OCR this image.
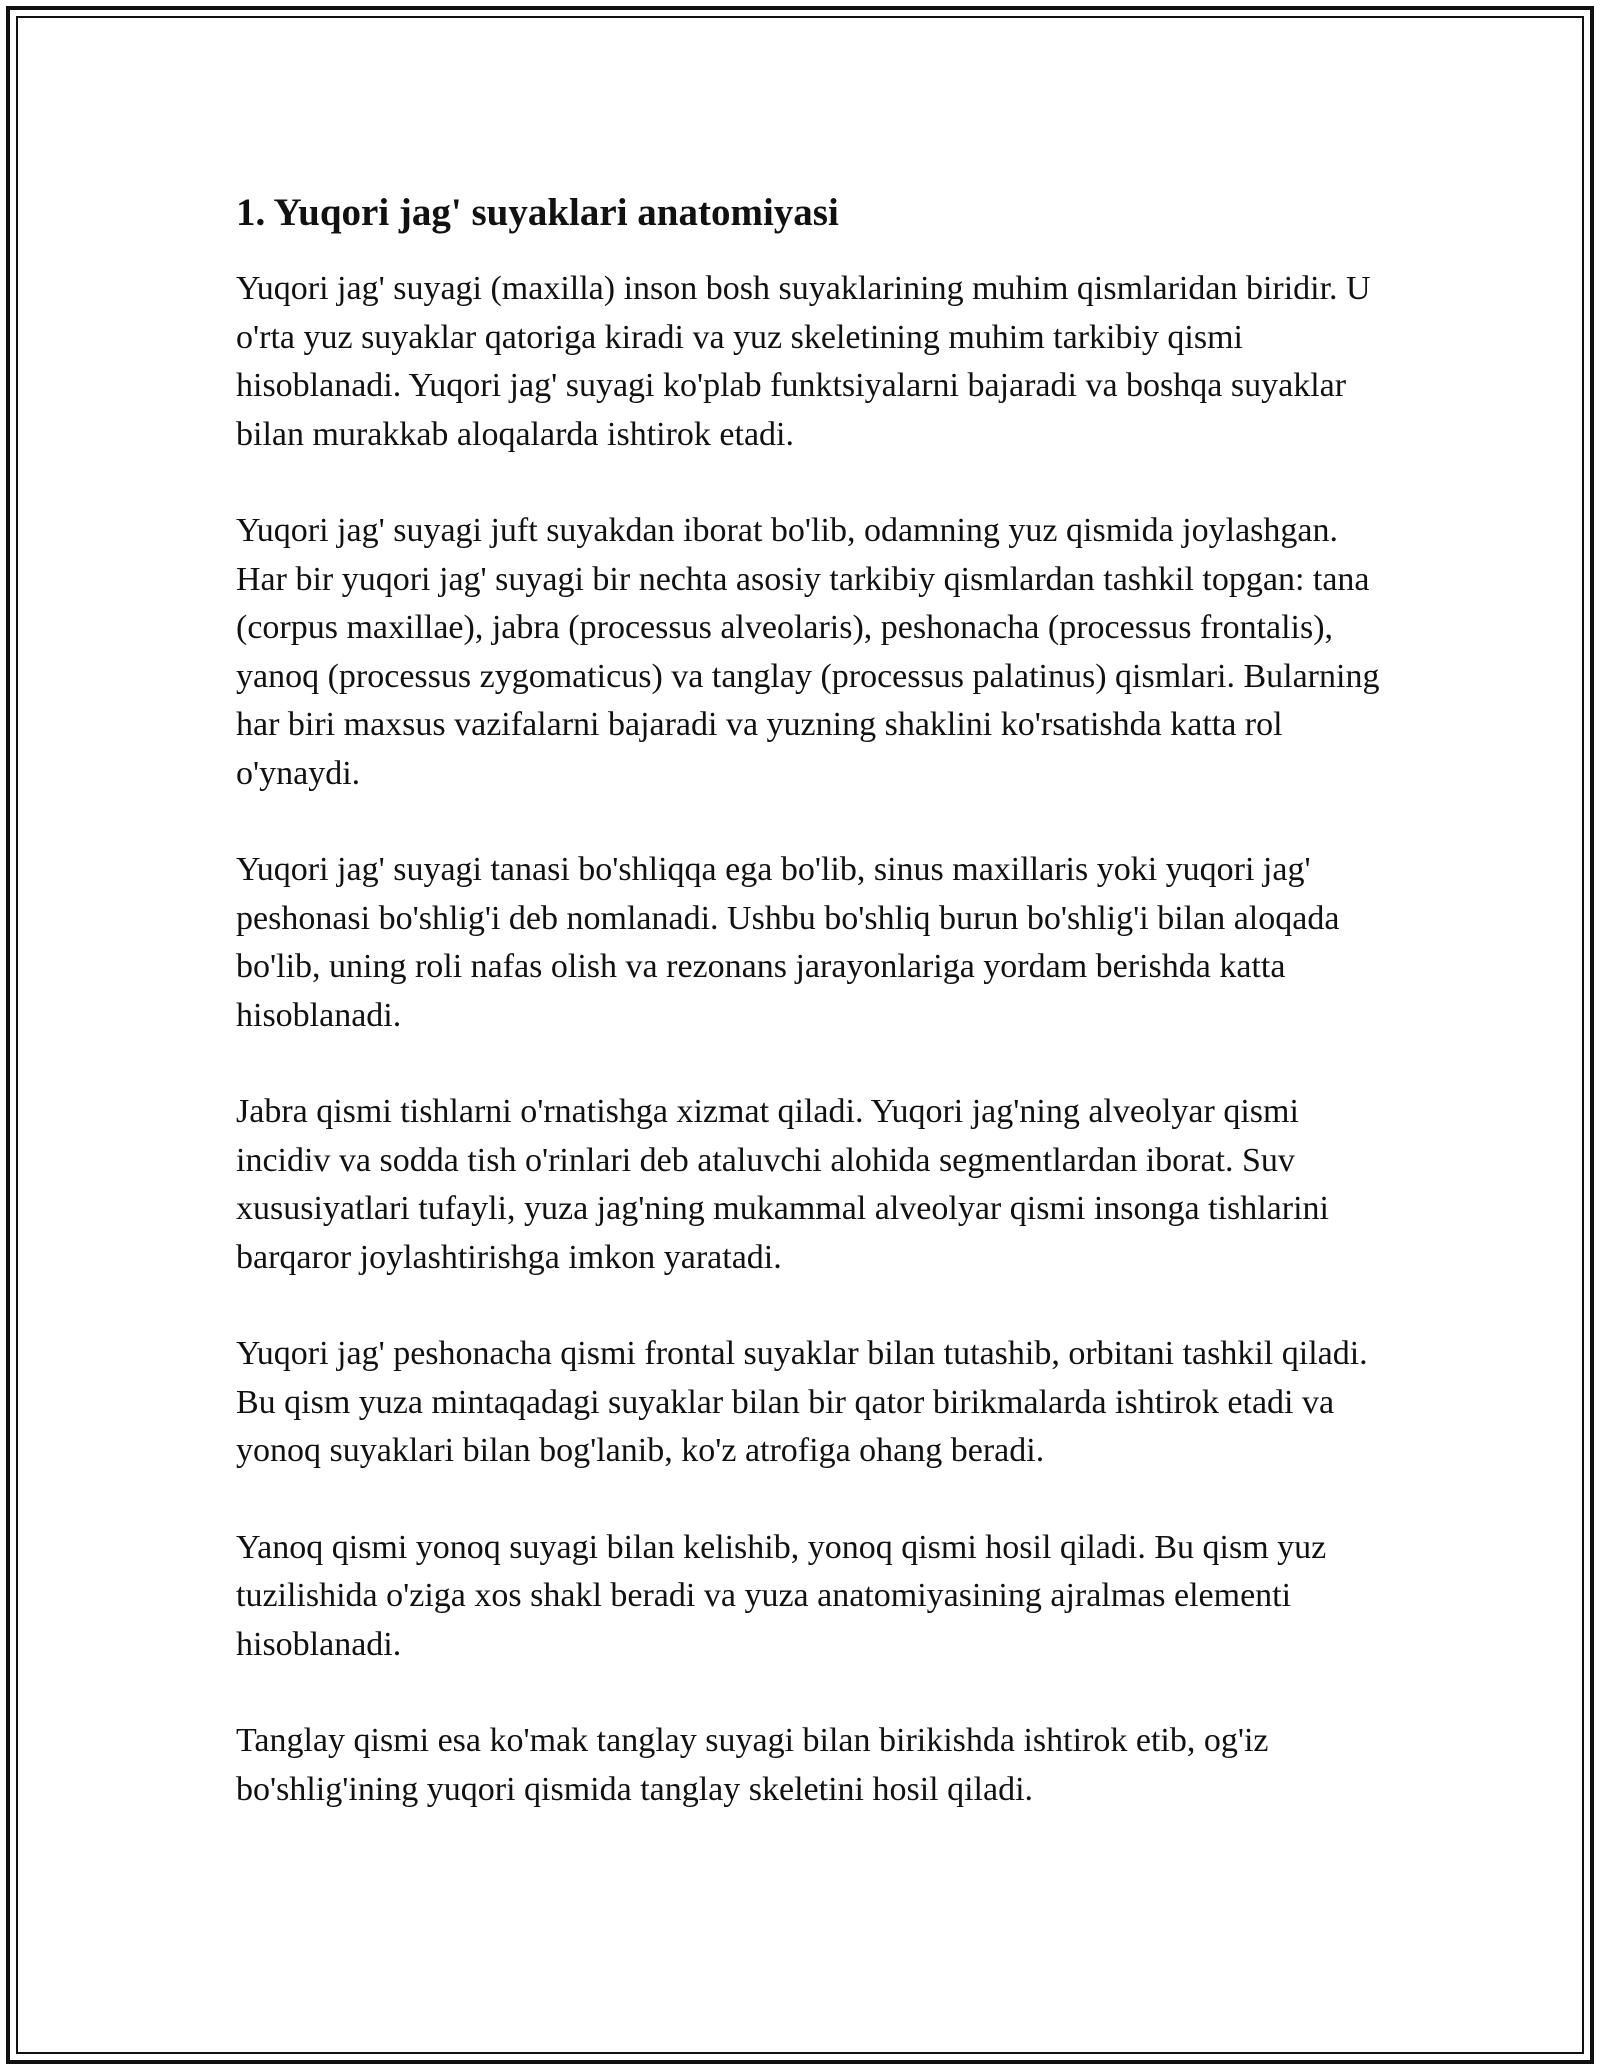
1. Yuqori jag' suyaklari anatomiyasi

Yuqori jag' suyagi (maxilla) inson bosh suyaklarining muhim qismlaridan biridir. U o'rta yuz suyaklar qatoriga kiradi va yuz skeletining muhim tarkibiy qismi hisoblanadi. Yuqori jag' suyagi ko'plab funktsiyalarni bajaradi va boshqa suyaklar bilan murakkab aloqalarda ishtirok etadi.

Yuqori jag' suyagi juft suyakdan iborat bo'lib, odamning yuz qismida joylashgan. Har bir yuqori jag' suyagi bir nechta asosiy tarkibiy qismlardan tashkil topgan: tana (corpus maxillae), jabra (processus alveolaris), peshonacha (processus frontalis), yanoq (processus zygomaticus) va tanglay (processus palatinus) qismlari. Bularning har biri maxsus vazifalarni bajaradi va yuzning shaklini ko'rsatishda katta rol o'ynaydi.

Yuqori jag' suyagi tanasi bo'shliqqa ega bo'lib, sinus maxillaris yoki yuqori jag' peshonasi bo'shlig'i deb nomlanadi. Ushbu bo'shliq burun bo'shlig'i bilan aloqada bo'lib, uning roli nafas olish va rezonans jarayonlariga yordam berishda katta hisoblanadi.

Jabra qismi tishlarni o'rnatishga xizmat qiladi. Yuqori jag'ning alveolyar qismi incidiv va sodda tish o'rinlari deb ataluvchi alohida segmentlardan iborat. Suv xususiyatlari tufayli, yuza jag'ning mukammal alveolyar qismi insonga tishlarini barqaror joylashtirishga imkon yaratadi.

Yuqori jag' peshonacha qismi frontal suyaklar bilan tutashib, orbitani tashkil qiladi. Bu qism yuza mintaqadagi suyaklar bilan bir qator birikmalarda ishtirok etadi va yonoq suyaklari bilan bog'lanib, ko'z atrofiga ohang beradi.

Yanoq qismi yonoq suyagi bilan kelishib, yonoq qismi hosil qiladi. Bu qism yuz tuzilishida o'ziga xos shakl beradi va yuza anatomiyasining ajralmas elementi hisoblanadi.

Tanglay qismi esa ko'mak tanglay suyagi bilan birikishda ishtirok etib, og'iz bo'shlig'ining yuqori qismida tanglay skeletini hosil qiladi.
